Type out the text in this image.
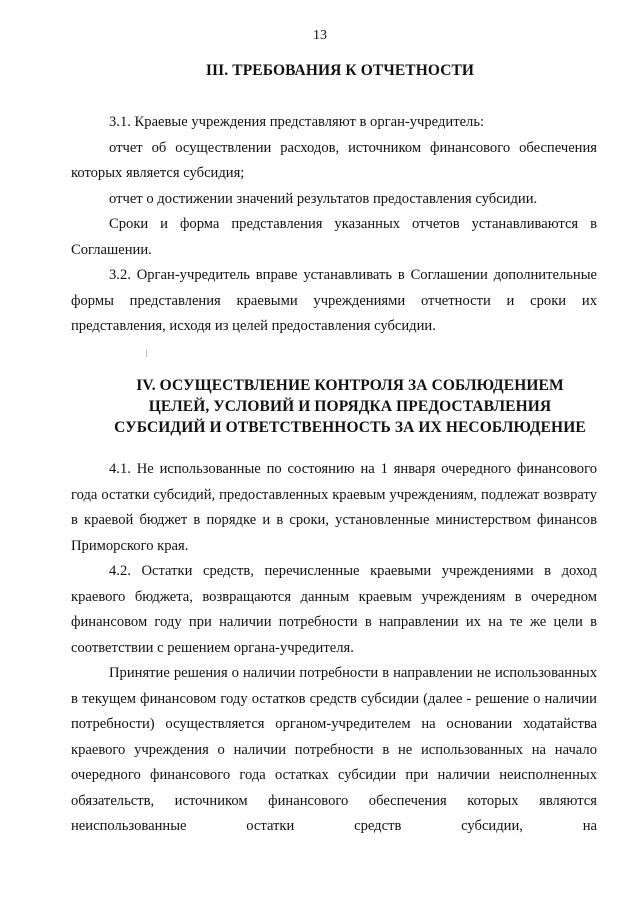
13
III. ТРЕБОВАНИЯ К ОТЧЕТНОСТИ

3.1. Краевые учреждения представляют в орган-учредитель:

отчет об осуществлении расходов, источником финансового обеспечения которых является субсидия;

отчет о достижении значений результатов предоставления субсидии.

Сроки и форма представления указанных отчетов устанавливаются в Соглашении.

3.2. Орган-учредитель вправе устанавливать в Соглашении дополнительные формы представления краевыми учреждениями отчетности и сроки их представления, исходя из целей предоставления субсидии.

IV. ОСУЩЕСТВЛЕНИЕ КОНТРОЛЯ ЗА СОБЛЮДЕНИЕМ
ЦЕЛЕЙ, УСЛОВИЙ И ПОРЯДКА ПРЕДОСТАВЛЕНИЯ
СУБСИДИЙ И ОТВЕТСТВЕННОСТЬ ЗА ИХ НЕСОБЛЮДЕНИЕ

4.1. Не использованные по состоянию на 1 января очередного финансового года остатки субсидий, предоставленных краевым учреждениям, подлежат возврату в краевой бюджет в порядке и в сроки, установленные министерством финансов Приморского края.

4.2. Остатки средств, перечисленные краевыми учреждениями в доход краевого бюджета, возвращаются данным краевым учреждениям в очередном финансовом году при наличии потребности в направлении их на те же цели в соответствии с решением органа-учредителя.

Принятие решения о наличии потребности в направлении не использованных в текущем финансовом году остатков средств субсидии (далее - решение о наличии потребности) осуществляется органом-учредителем на основании ходатайства краевого учреждения о наличии потребности в не использованных на начало очередного финансового года остатках субсидии при наличии неисполненных обязательств, источником финансового обеспечения которых являются неиспользованные остатки средств субсидии, на
